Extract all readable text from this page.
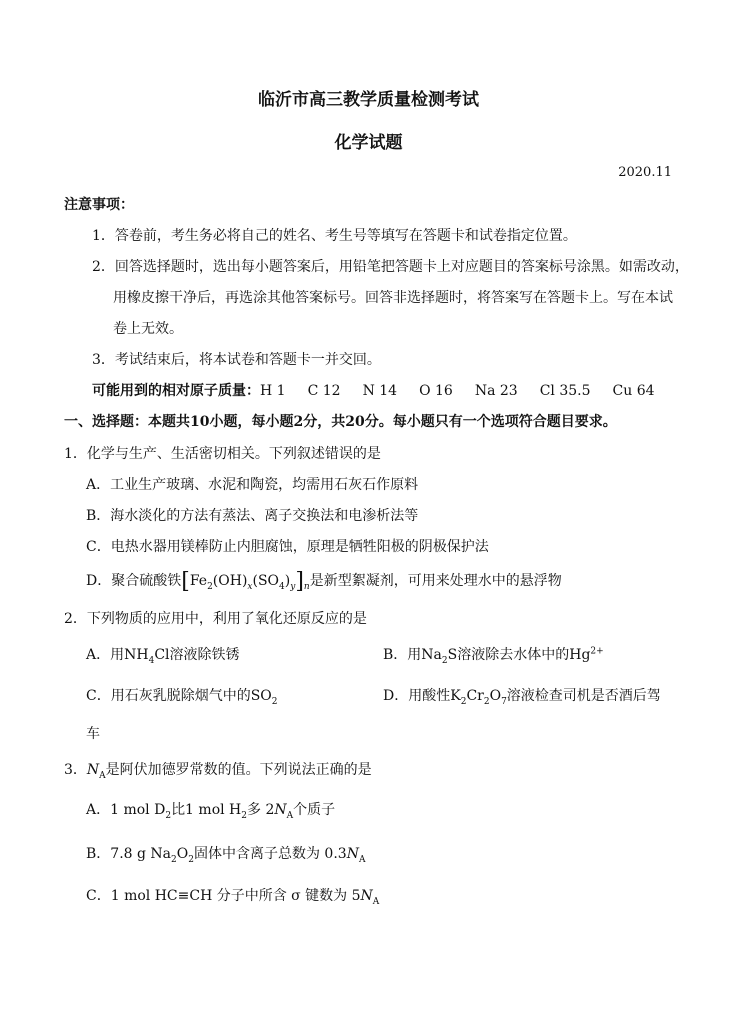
临沂市高三教学质量检测考试
化学试题
2020.11
注意事项：
1．答卷前，考生务必将自己的姓名、考生号等填写在答题卡和试卷指定位置。
2．回答选择题时，选出每小题答案后，用铅笔把答题卡上对应题目的答案标号涂黑。如需改动，
用橡皮擦干净后，再选涂其他答案标号。回答非选择题时，将答案写在答题卡上。写在本试
卷上无效。
3．考试结束后，将本试卷和答题卡一并交回。
可能用到的相对原子质量：H 1 C 12 N 14 O 16 Na 23 Cl 35.5 Cu 64
一、选择题：本题共10小题，每小题2分，共20分。每小题只有一个选项符合题目要求。
1．化学与生产、生活密切相关。下列叙述错误的是
A．工业生产玻璃、水泥和陶瓷，均需用石灰石作原料
B．海水淡化的方法有蒸法、离子交换法和电渗析法等
C．电热水器用镁棒防止内胆腐蚀，原理是牺牲阳极的阴极保护法
D．聚合硫酸铁$[Fe_2(OH)_x(SO_4)_y]_n$是新型絮凝剂，可用来处理水中的悬浮物
2．下列物质的应用中，利用了氧化还原反应的是
A．用$NH_4Cl$溶液除铁锈	B．用$Na_2S$溶液除去水体中的$Hg^{2+}$
C．用石灰乳脱除烟气中的$SO_2$	D．用酸性$K_2Cr_2O_7$溶液检查司机是否酒后驾
车
3．$N_A$是阿伏加德罗常数的值。下列说法正确的是
A．1 mol $D_2$比1 mol $H_2$多 $2N_A$个质子
B．7.8 g $Na_2O_2$固体中含离子总数为 $0.3N_A$
C．1 mol HC≡CH 分子中所含 σ 键数为 $5N_A$
